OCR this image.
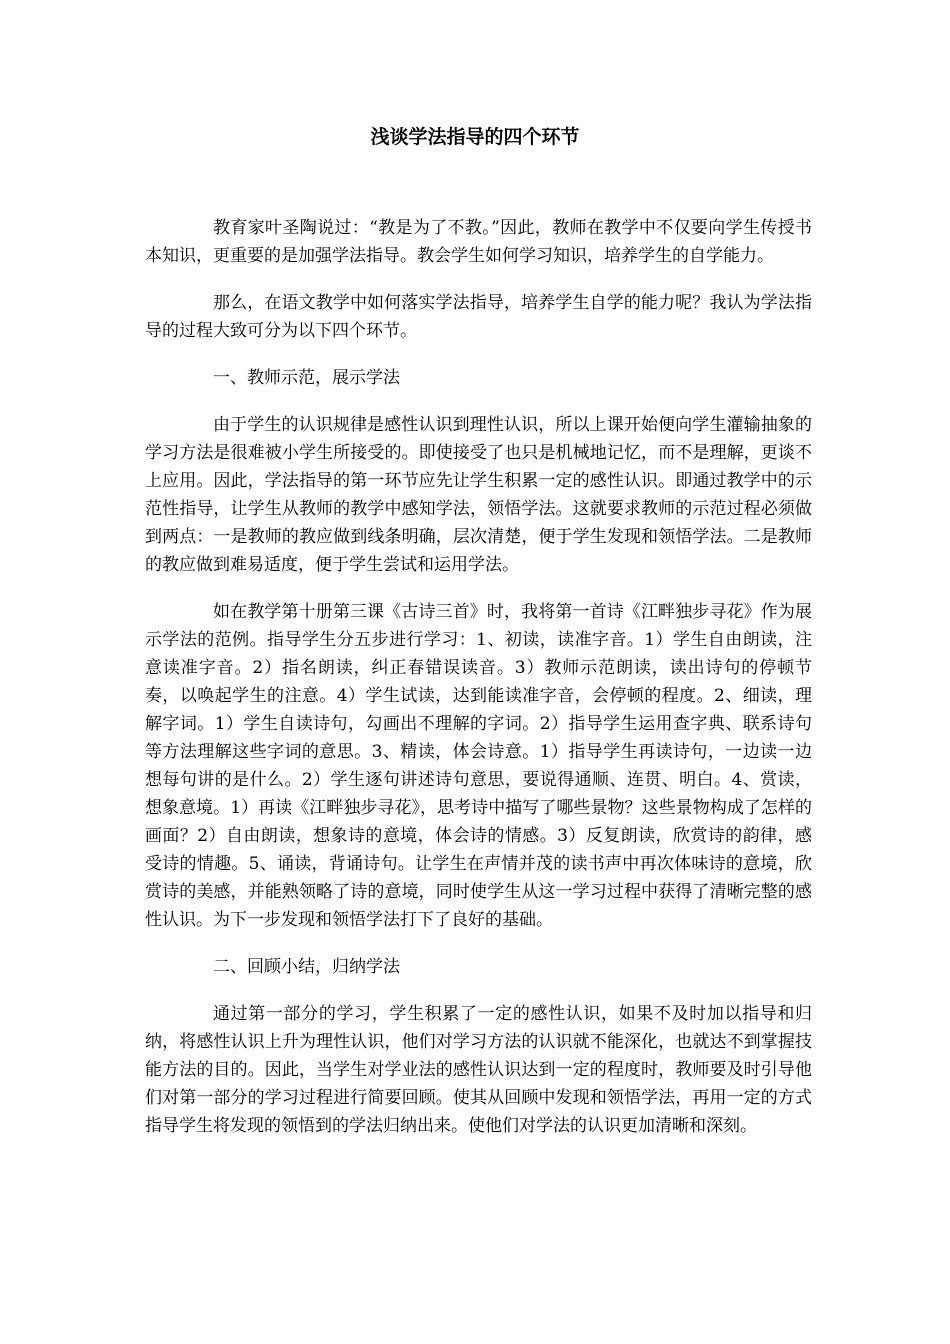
浅谈学法指导的四个环节

教育家叶圣陶说过：“教是为了不教。”因此，教师在教学中不仅要向学生传授书本知识，更重要的是加强学法指导。教会学生如何学习知识，培养学生的自学能力。

那么，在语文教学中如何落实学法指导，培养学生自学的能力呢？我认为学法指导的过程大致可分为以下四个环节。

一、教师示范，展示学法

由于学生的认识规律是感性认识到理性认识，所以上课开始便向学生灌输抽象的学习方法是很难被小学生所接受的。即使接受了也只是机械地记忆，而不是理解，更谈不上应用。因此，学法指导的第一环节应先让学生积累一定的感性认识。即通过教学中的示范性指导，让学生从教师的教学中感知学法，领悟学法。这就要求教师的示范过程必须做到两点：一是教师的教应做到线条明确，层次清楚，便于学生发现和领悟学法。二是教师的教应做到难易适度，便于学生尝试和运用学法。

如在教学第十册第三课《古诗三首》时，我将第一首诗《江畔独步寻花》作为展示学法的范例。指导学生分五步进行学习：1、初读，读准字音。1）学生自由朗读，注意读准字音。2）指名朗读，纠正春错误读音。3）教师示范朗读，读出诗句的停顿节奏，以唤起学生的注意。4）学生试读，达到能读准字音，会停顿的程度。2、细读，理解字词。1）学生自读诗句，勾画出不理解的字词。2）指导学生运用查字典、联系诗句等方法理解这些字词的意思。3、精读，体会诗意。1）指导学生再读诗句，一边读一边想每句讲的是什么。2）学生逐句讲述诗句意思，要说得通顺、连贯、明白。4、赏读，想象意境。1）再读《江畔独步寻花》，思考诗中描写了哪些景物？这些景物构成了怎样的画面？2）自由朗读，想象诗的意境，体会诗的情感。3）反复朗读，欣赏诗的韵律，感受诗的情趣。5、诵读，背诵诗句。让学生在声情并茂的读书声中再次体味诗的意境，欣赏诗的美感，并能熟领略了诗的意境，同时使学生从这一学习过程中获得了清晰完整的感性认识。为下一步发现和领悟学法打下了良好的基础。

二、回顾小结，归纳学法

通过第一部分的学习，学生积累了一定的感性认识，如果不及时加以指导和归纳，将感性认识上升为理性认识，他们对学习方法的认识就不能深化，也就达不到掌握技能方法的目的。因此，当学生对学业法的感性认识达到一定的程度时，教师要及时引导他们对第一部分的学习过程进行简要回顾。使其从回顾中发现和领悟学法，再用一定的方式指导学生将发现的领悟到的学法归纳出来。使他们对学法的认识更加清晰和深刻。
